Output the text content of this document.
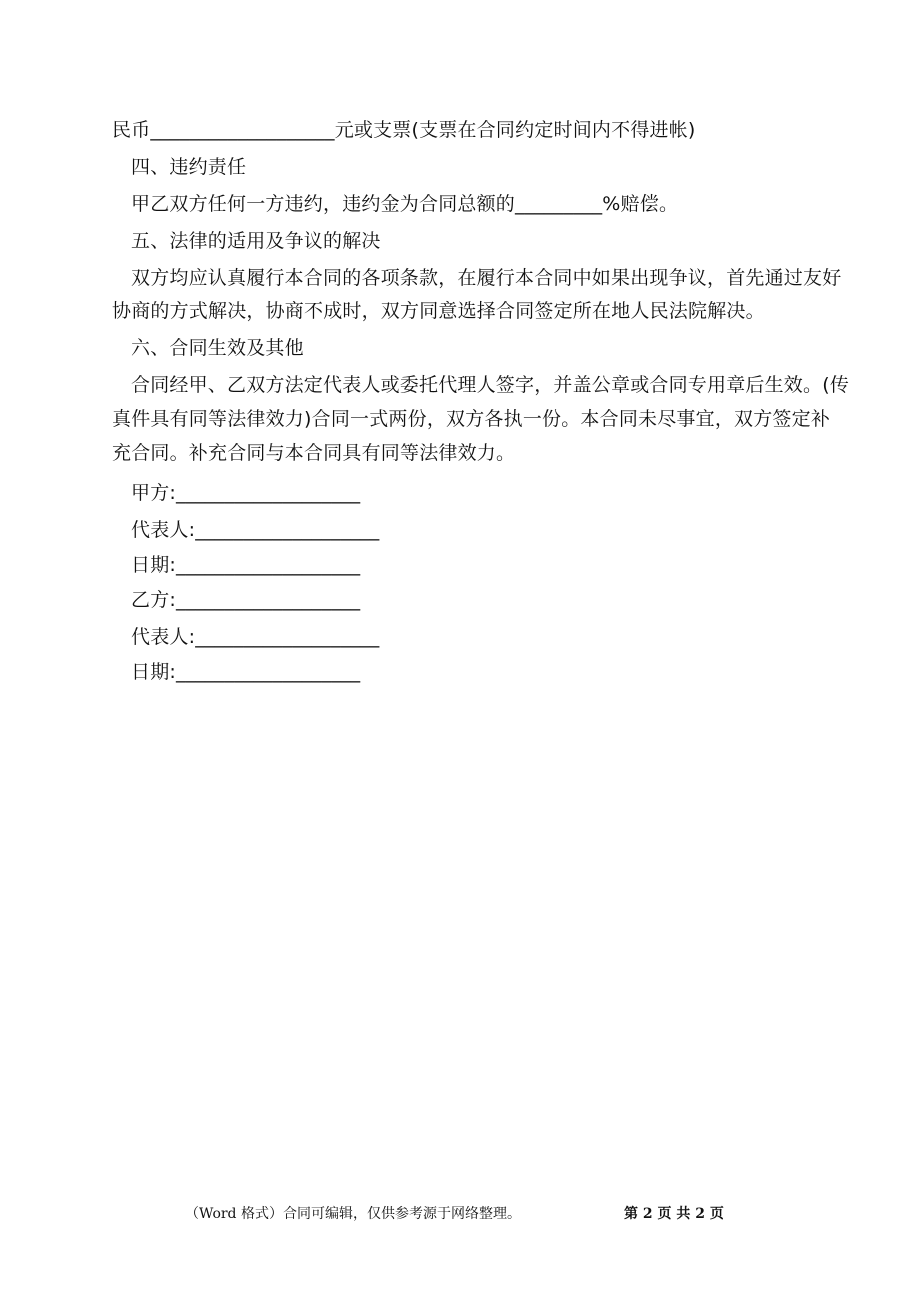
民币___________________元或支票(支票在合同约定时间内不得进帐)
四、违约责任
甲乙双方任何一方违约，违约金为合同总额的_________%赔偿。
五、法律的适用及争议的解决
双方均应认真履行本合同的各项条款，在履行本合同中如果出现争议，首先通过友好
协商的方式解决，协商不成时，双方同意选择合同签定所在地人民法院解决。
六、合同生效及其他
合同经甲、乙双方法定代表人或委托代理人签字，并盖公章或合同专用章后生效。(传
真件具有同等法律效力)合同一式两份，双方各执一份。本合同未尽事宜，双方签定补
充合同。补充合同与本合同具有同等法律效力。
甲方:___________________
代表人:___________________
日期:___________________
乙方:___________________
代表人:___________________
日期:___________________
（Word 格式）合同可编辑，仅供参考源于网络整理。	第 2 页 共 2 页
